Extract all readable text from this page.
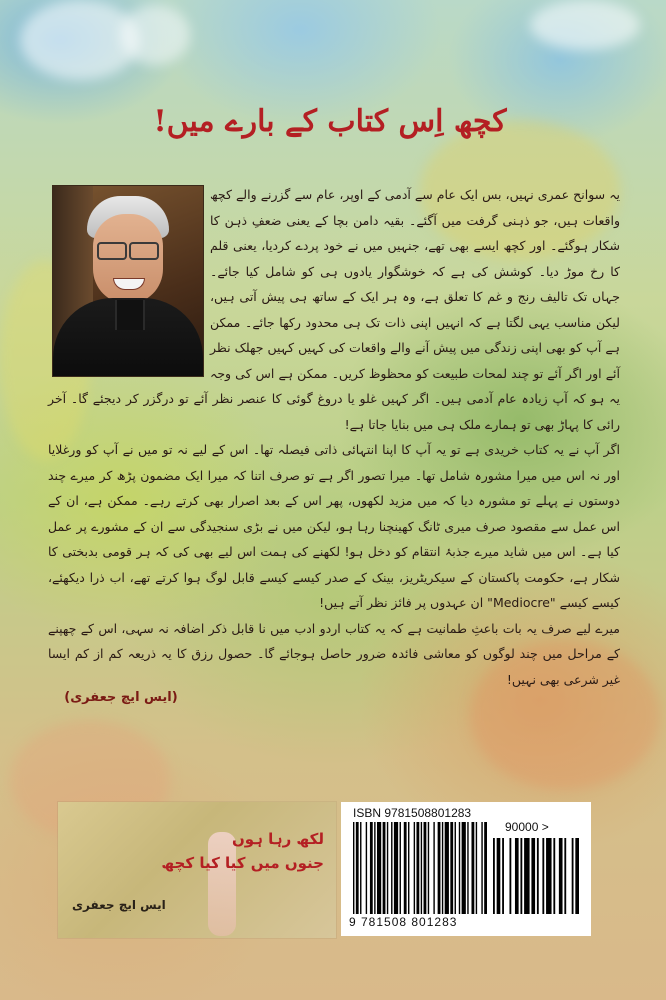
کچھ اِس کتاب کے بارے میں!

یہ سوانح عمری نہیں، بس ایک عام سے آدمی کے اوپر، عام سے گزرنے والے کچھ واقعات ہیں، جو ذہنی گرفت میں آگئے۔ بقیہ دامن بچا کے یعنی ضعفِ ذہن کا شکار ہوگئے۔ اور کچھ ایسے بھی تھے، جنہیں میں نے خود پردے کردیا، یعنی قلم کا رخ موڑ دیا۔ کوشش کی ہے کہ خوشگوار یادوں ہی کو شامل کیا جائے۔ جہاں تک تالیف رنج و غم کا تعلق ہے، وہ ہر ایک کے ساتھ ہی پیش آتی ہیں، لیکن مناسب یہی لگتا ہے کہ انہیں اپنی ذات تک ہی محدود رکھا جائے۔ ممکن ہے آپ کو بھی اپنی زندگی میں پیش آنے والے واقعات کی کہیں کہیں جھلک نظر آئے اور اگر آئے تو چند لمحات طبیعت کو محظوظ کریں۔ ممکن ہے اس کی وجہ یہ ہو کہ آپ زیادہ عام آدمی ہیں۔ اگر کہیں غلو یا دروغ گوئی کا عنصر نظر آئے تو درگزر کر دیجئے گا۔ آخر رائی کا پہاڑ بھی تو ہمارے ملک ہی میں بنایا جاتا ہے!

اگر آپ نے یہ کتاب خریدی ہے تو یہ آپ کا اپنا انتہائی ذاتی فیصلہ تھا۔ اس کے لیے نہ تو میں نے آپ کو ورغلایا اور نہ اس میں میرا مشورہ شامل تھا۔ میرا تصور اگر ہے تو صرف اتنا کہ میرا ایک مضمون پڑھ کر میرے چند دوستوں نے پہلے تو مشورہ دیا کہ میں مزید لکھوں، پھر اس کے بعد اصرار بھی کرتے رہے۔ ممکن ہے، ان کے اس عمل سے مقصود صرف میری ٹانگ کھینچنا رہا ہو، لیکن میں نے بڑی سنجیدگی سے ان کے مشورے پر عمل کیا ہے۔ اس میں شاید میرے جذبۂ انتقام کو دخل ہو! لکھنے کی ہمت اس لیے بھی کی کہ ہر قومی بدبختی کا شکار ہے، حکومت پاکستان کے سیکریٹریز، بینک کے صدر کیسے کیسے قابل لوگ ہوا کرتے تھے، اب ذرا دیکھئے، کیسے کیسے "Mediocre" ان عہدوں پر فائز نظر آتے ہیں!

میرے لیے صرف یہ بات باعثِ طمانیت ہے کہ یہ کتاب اردو ادب میں نا قابل ذکر اضافہ نہ سہی، اس کے چھپنے کے مراحل میں چند لوگوں کو معاشی فائدہ ضرور حاصل ہوجائے گا۔ حصول رزق کا یہ ذریعہ کم از کم ایسا غیر شرعی بھی نہیں!

(ایس ایچ جعفری)
لکھ رہا ہوں
جنوں میں کیا کیا کچھ
ایس ایچ جعفری
ISBN 9781508801283
90000 >
9 781508 801283
